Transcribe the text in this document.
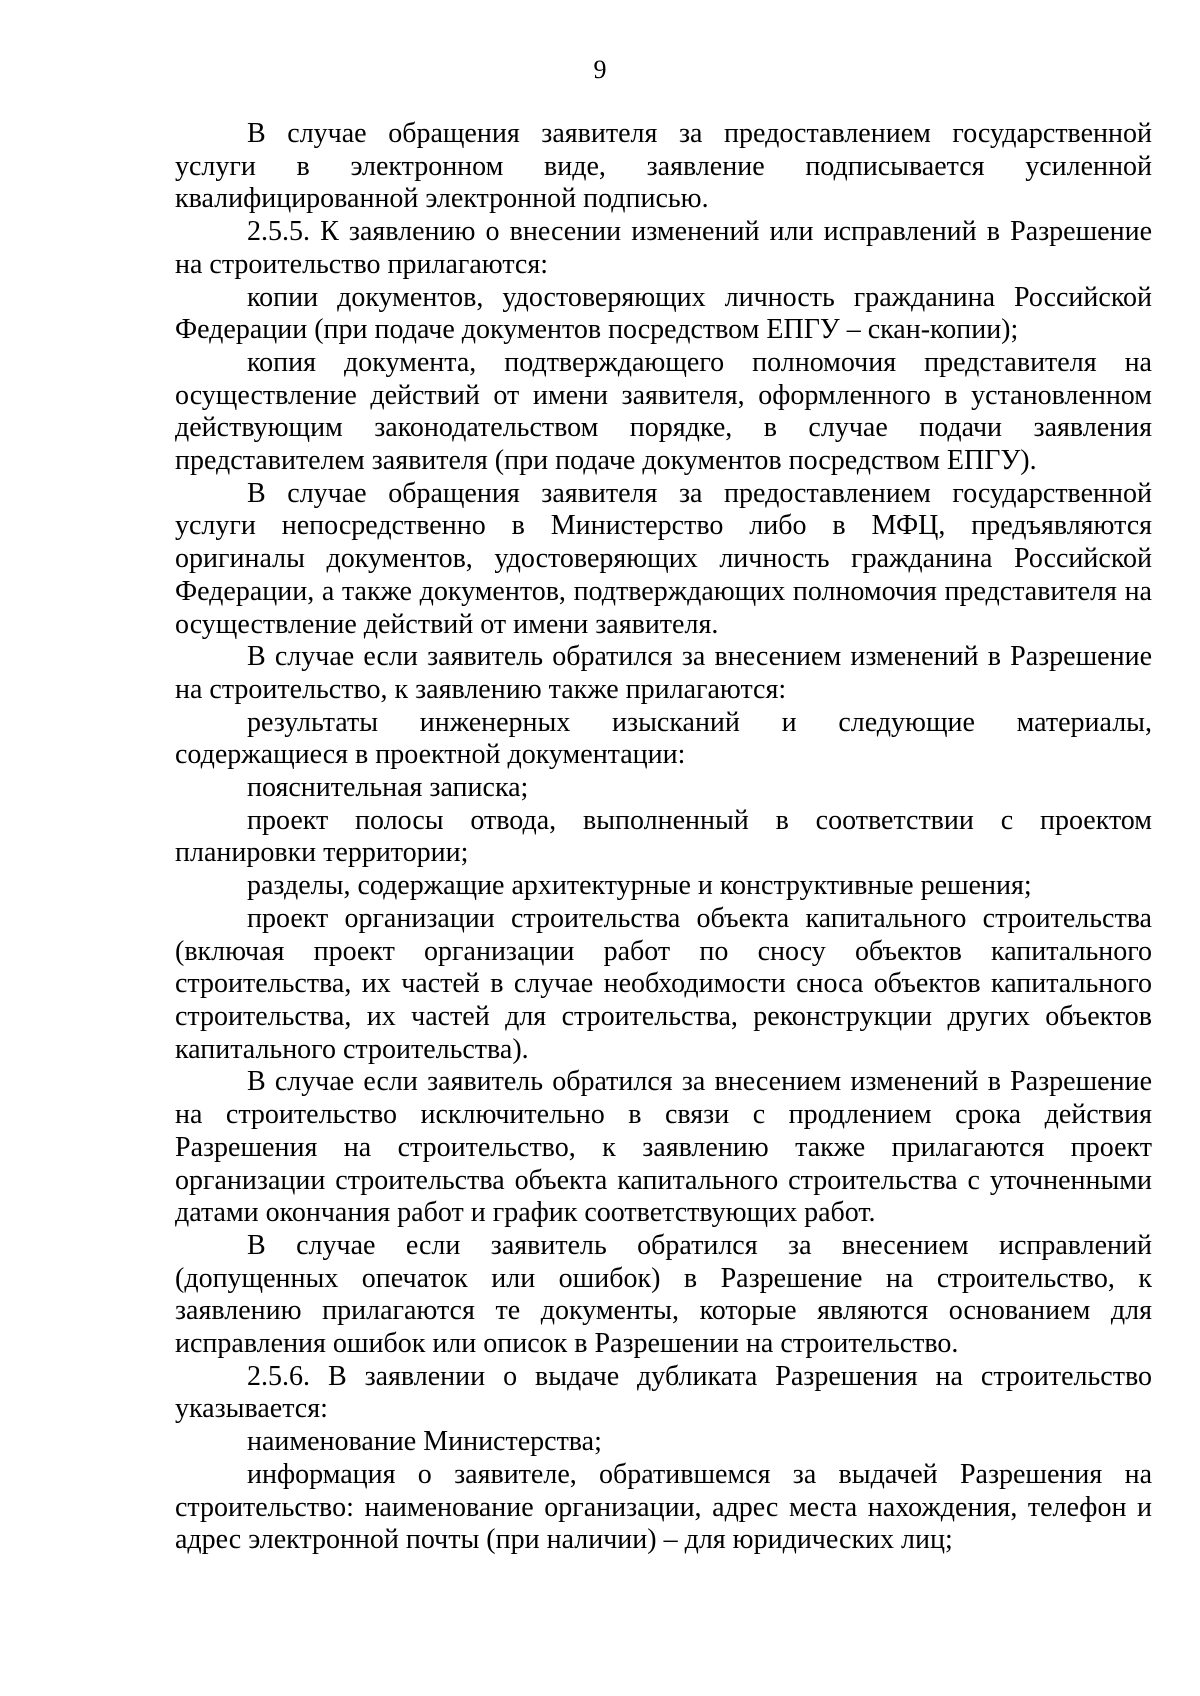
9

В случае обращения заявителя за предоставлением государственной услуги в электронном виде, заявление подписывается усиленной квалифицированной электронной подписью.

2.5.5. К заявлению о внесении изменений или исправлений в Разрешение на строительство прилагаются:

копии документов, удостоверяющих личность гражданина Российской Федерации (при подаче документов посредством ЕПГУ – скан-копии);

копия документа, подтверждающего полномочия представителя на осуществление действий от имени заявителя, оформленного в установленном действующим законодательством порядке, в случае подачи заявления представителем заявителя (при подаче документов посредством ЕПГУ).

В случае обращения заявителя за предоставлением государственной услуги непосредственно в Министерство либо в МФЦ, предъявляются оригиналы документов, удостоверяющих личность гражданина Российской Федерации, а также документов, подтверждающих полномочия представителя на осуществление действий от имени заявителя.

В случае если заявитель обратился за внесением изменений в Разрешение на строительство, к заявлению также прилагаются:

результаты инженерных изысканий и следующие материалы, содержащиеся в проектной документации:

пояснительная записка;

проект полосы отвода, выполненный в соответствии с проектом планировки территории;

разделы, содержащие архитектурные и конструктивные решения;

проект организации строительства объекта капитального строительства (включая проект организации работ по сносу объектов капитального строительства, их частей в случае необходимости сноса объектов капитального строительства, их частей для строительства, реконструкции других объектов капитального строительства).

В случае если заявитель обратился за внесением изменений в Разрешение на строительство исключительно в связи с продлением срока действия Разрешения на строительство, к заявлению также прилагаются проект организации строительства объекта капитального строительства с уточненными датами окончания работ и график соответствующих работ.

В случае если заявитель обратился за внесением исправлений (допущенных опечаток или ошибок) в Разрешение на строительство, к заявлению прилагаются те документы, которые являются основанием для исправления ошибок или описок в Разрешении на строительство.

2.5.6. В заявлении о выдаче дубликата Разрешения на строительство указывается:

наименование Министерства;

информация о заявителе, обратившемся за выдачей Разрешения на строительство: наименование организации, адрес места нахождения, телефон и адрес электронной почты (при наличии) – для юридических лиц;
